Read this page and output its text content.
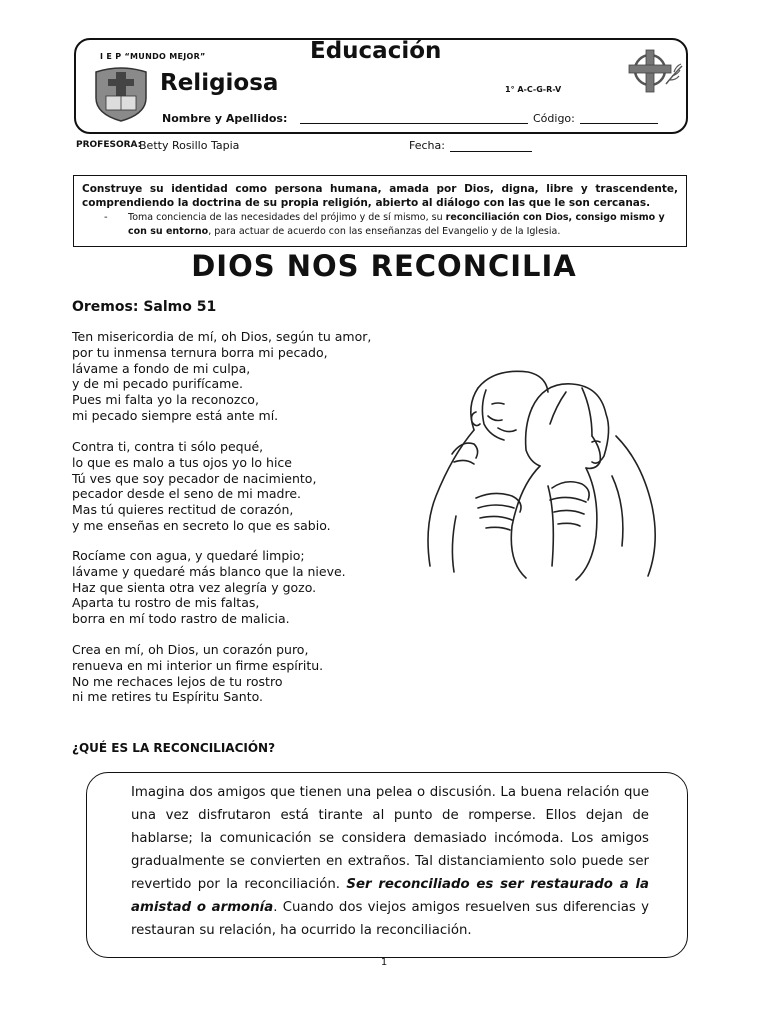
I E P “MUNDO MEJOR”	Educación
Religiosa	1° A-C-G-R-V
Nombre y Apellidos:	Código:
PROFESORA:
Betty Rosillo Tapia	Fecha:
Construye su identidad como persona humana, amada por Dios, digna, libre y trascendente, comprendiendo la doctrina de su propia religión, abierto al diálogo con las que le son cercanas.
- Toma conciencia de las necesidades del prójimo y de sí mismo, su reconciliación con Dios, consigo mismo y con su entorno, para actuar de acuerdo con las enseñanzas del Evangelio y de la Iglesia.
DIOS NOS RECONCILIA
Oremos: Salmo 51
Ten misericordia de mí, oh Dios, según tu amor,
por tu inmensa ternura borra mi pecado,
lávame a fondo de mi culpa,
y de mi pecado purifícame.
Pues mi falta yo la reconozco,
mi pecado siempre está ante mí.
Contra ti, contra ti sólo pequé,
lo que es malo a tus ojos yo lo hice
Tú ves que soy pecador de nacimiento,
pecador desde el seno de mi madre.
Mas tú quieres rectitud de corazón,
y me enseñas en secreto lo que es sabio.
Rocíame con agua, y quedaré limpio;
lávame y quedaré más blanco que la nieve.
Haz que sienta otra vez alegría y gozo.
Aparta tu rostro de mis faltas,
borra en mí todo rastro de malicia.
Crea en mí, oh Dios, un corazón puro,
renueva en mi interior un firme espíritu.
No me rechaces lejos de tu rostro
ni me retires tu Espíritu Santo.
¿QUÉ ES LA RECONCILIACIÓN?
Imagina dos amigos que tienen una pelea o discusión. La buena relación que una vez disfrutaron está tirante al punto de romperse. Ellos dejan de hablarse; la comunicación se considera demasiado incómoda. Los amigos gradualmente se convierten en extraños. Tal distanciamiento solo puede ser revertido por la reconciliación. Ser reconciliado es ser restaurado a la amistad o armonía. Cuando dos viejos amigos resuelven sus diferencias y restauran su relación, ha ocurrido la reconciliación.
1
